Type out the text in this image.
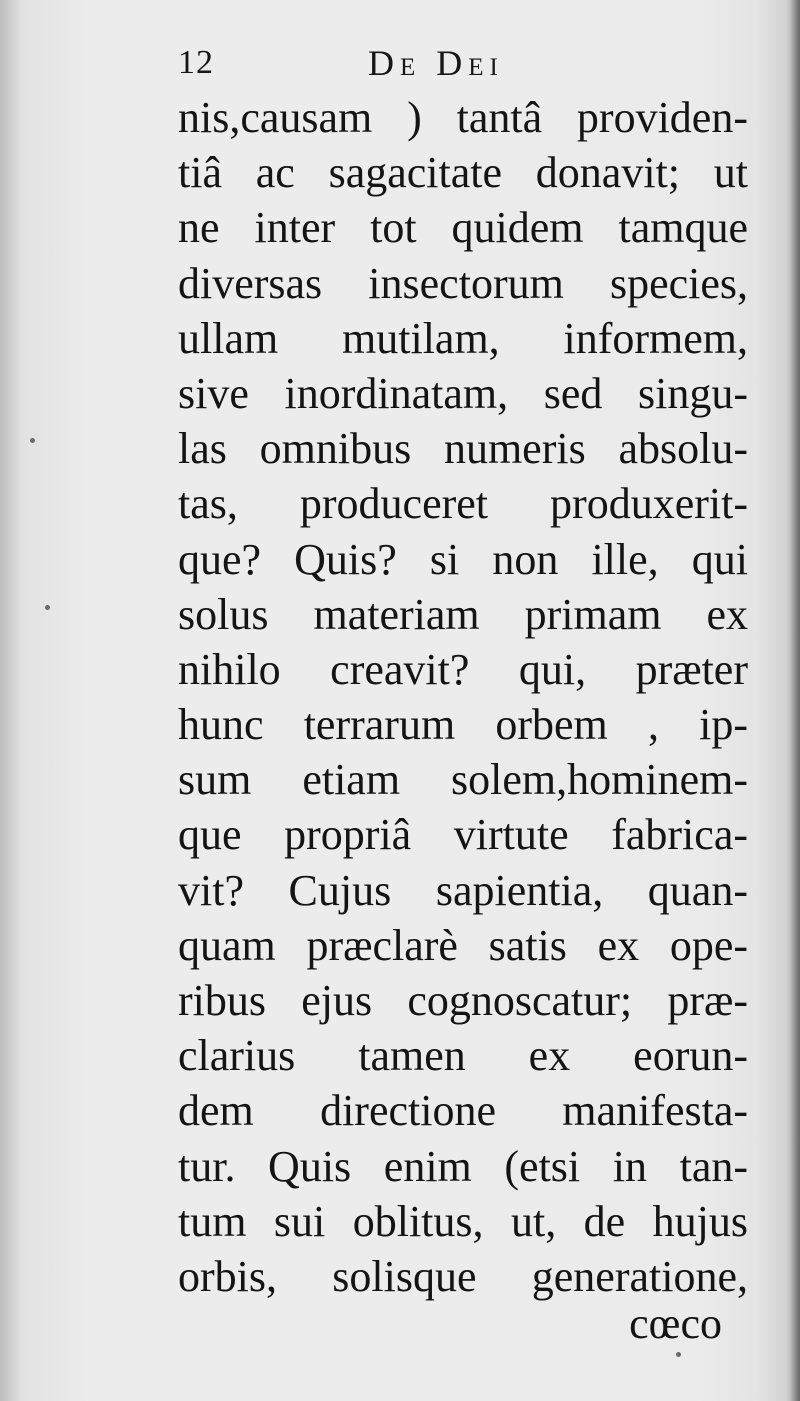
12	De Dei
nis,causam ) tantâ providen-
tiâ ac sagacitate donavit; ut
ne inter tot quidem tamque
diversas insectorum species,
ullam mutilam, informem,
sive inordinatam, sed singu-
las omnibus numeris absolu-
tas, produceret produxerit-
que? Quis? si non ille, qui
solus materiam primam ex
nihilo creavit? qui, præter
hunc terrarum orbem , ip-
sum etiam solem,hominem-
que propriâ virtute fabrica-
vit? Cujus sapientia, quan-
quam præclarè satis ex ope-
ribus ejus cognoscatur; præ-
clarius tamen ex eorun-
dem directione manifesta-
tur. Quis enim (etsi in tan-
tum sui oblitus, ut, de hujus
orbis, solisque generatione,
cœco
